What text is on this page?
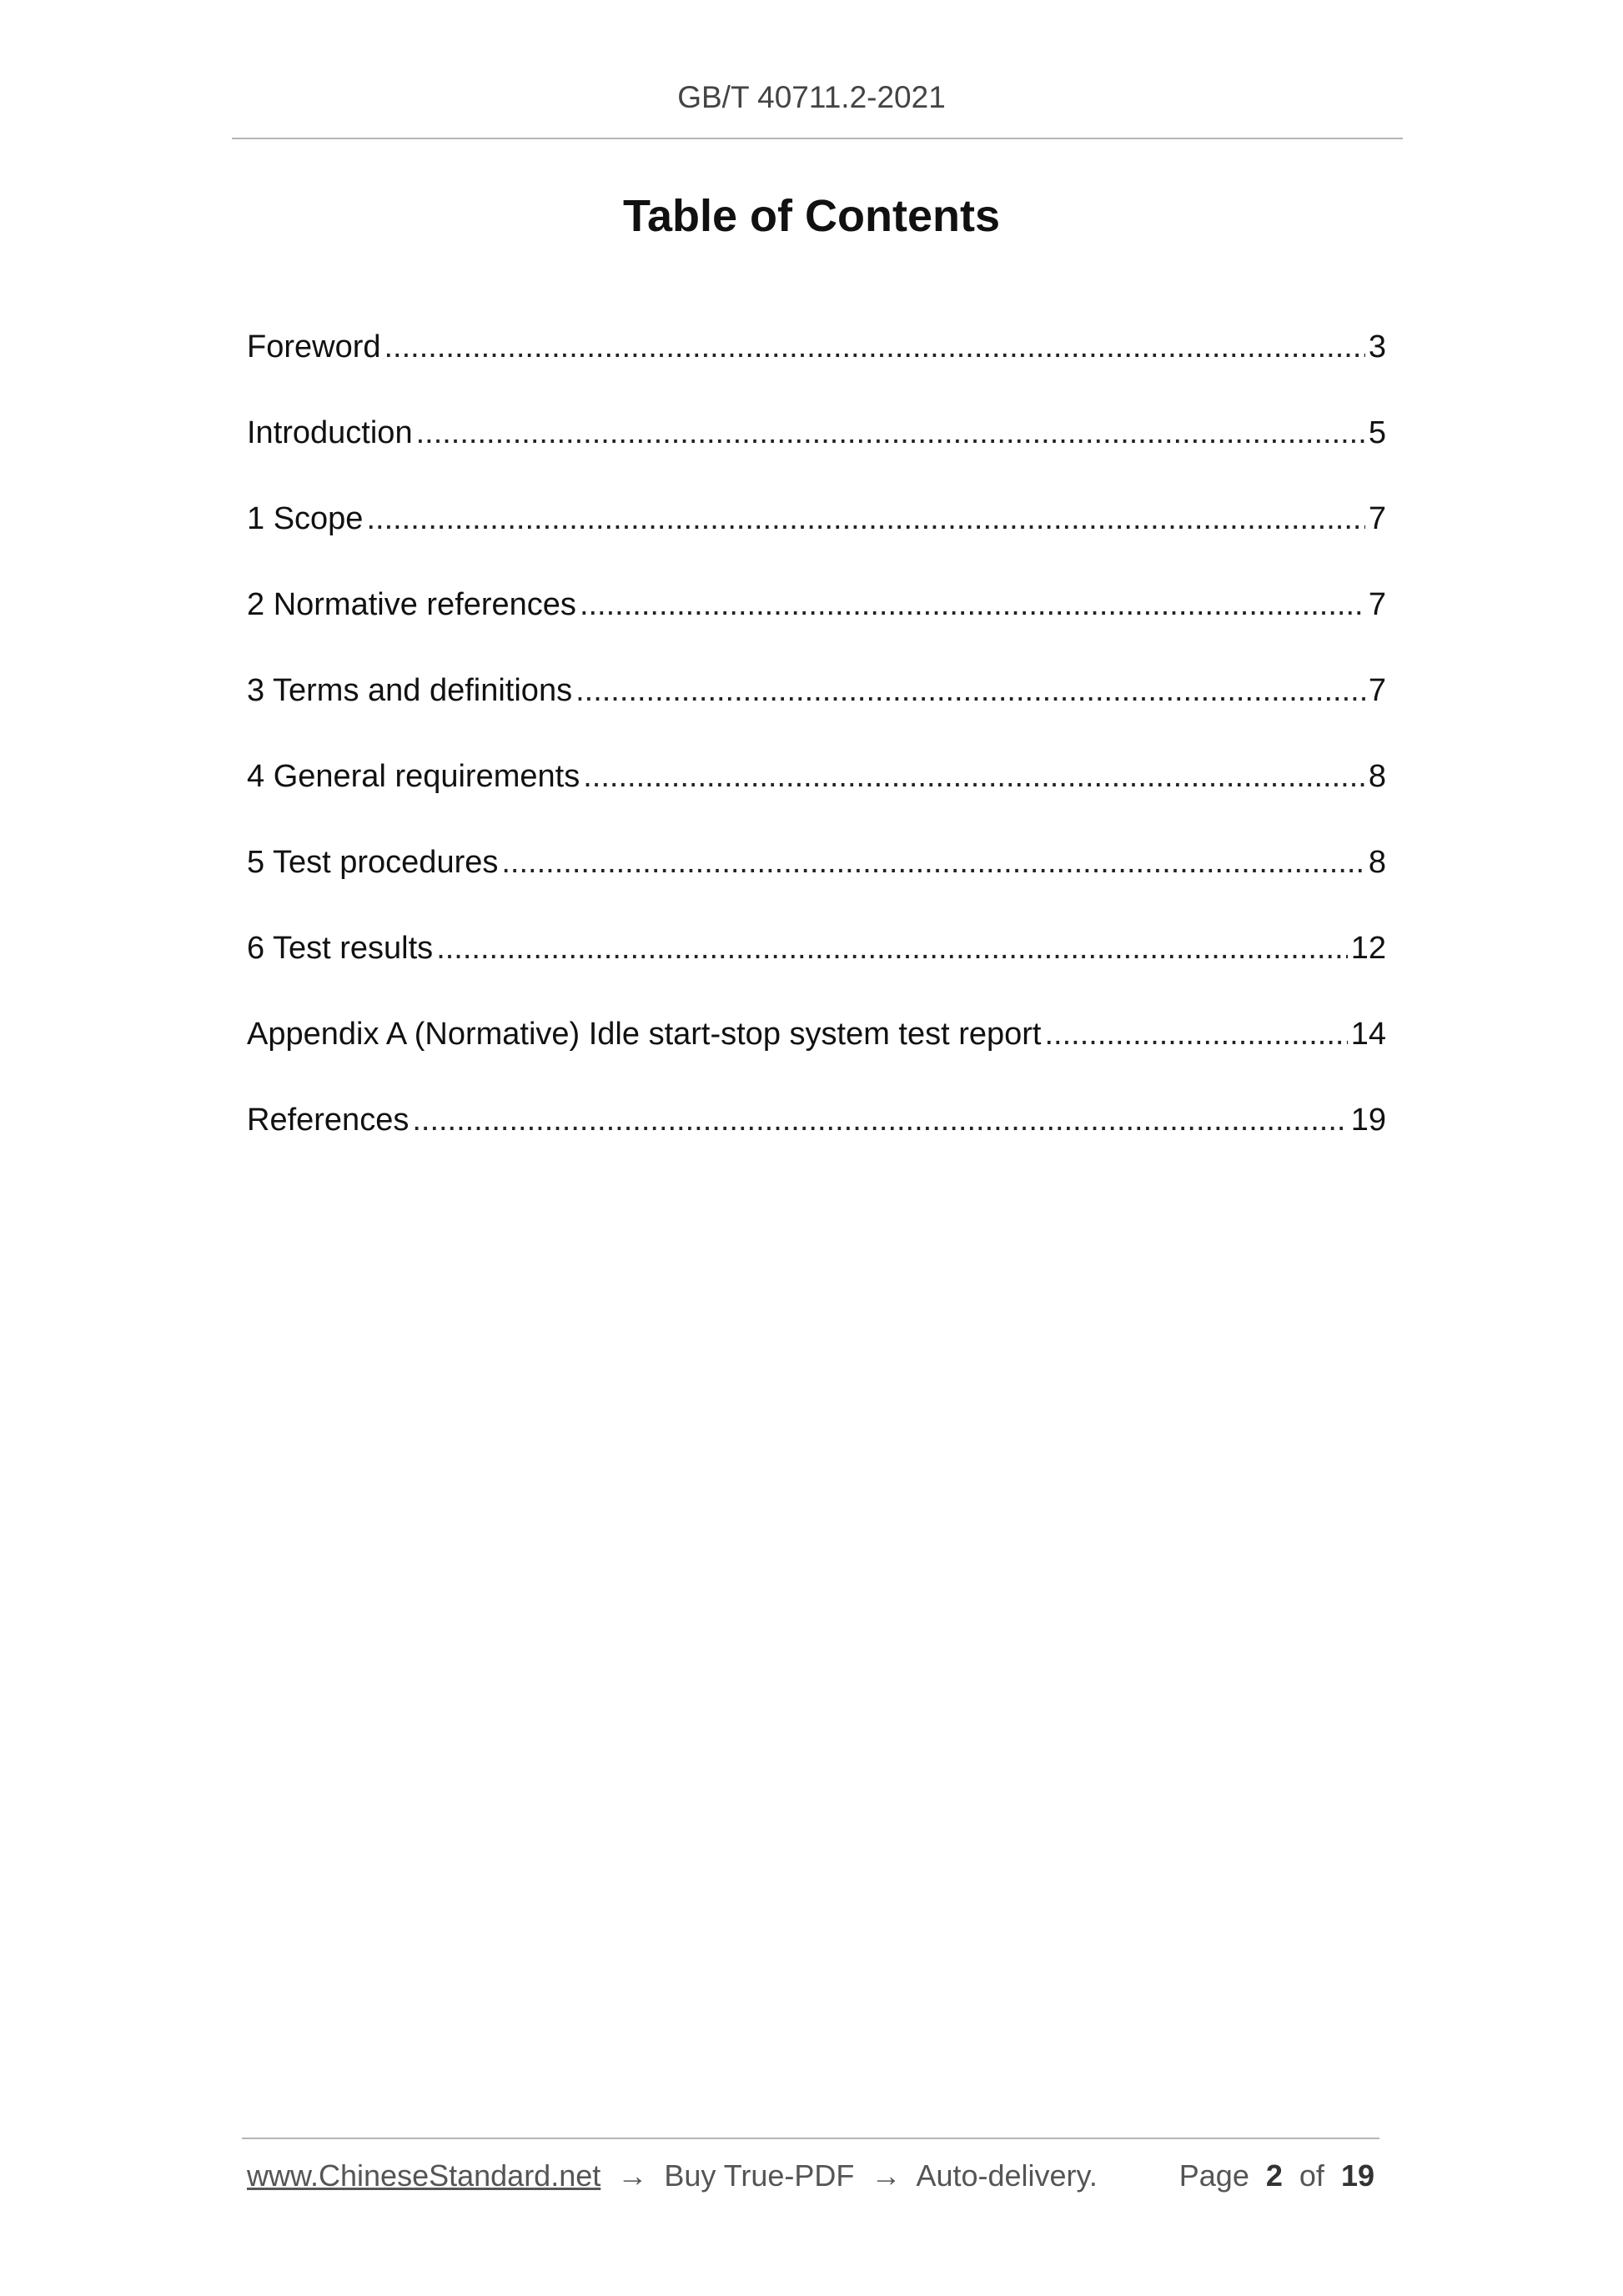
GB/T 40711.2-2021
Table of Contents
Foreword .....	3
Introduction .....	5
1 Scope .....	7
2 Normative references .....	7
3 Terms and definitions .....	7
4 General requirements .....	8
5 Test procedures .....	8
6 Test results .....	12
Appendix A (Normative) Idle start-stop system test report .....	14
References .....	19
www.ChineseStandard.net → Buy True-PDF → Auto-delivery.	Page 2 of 19
